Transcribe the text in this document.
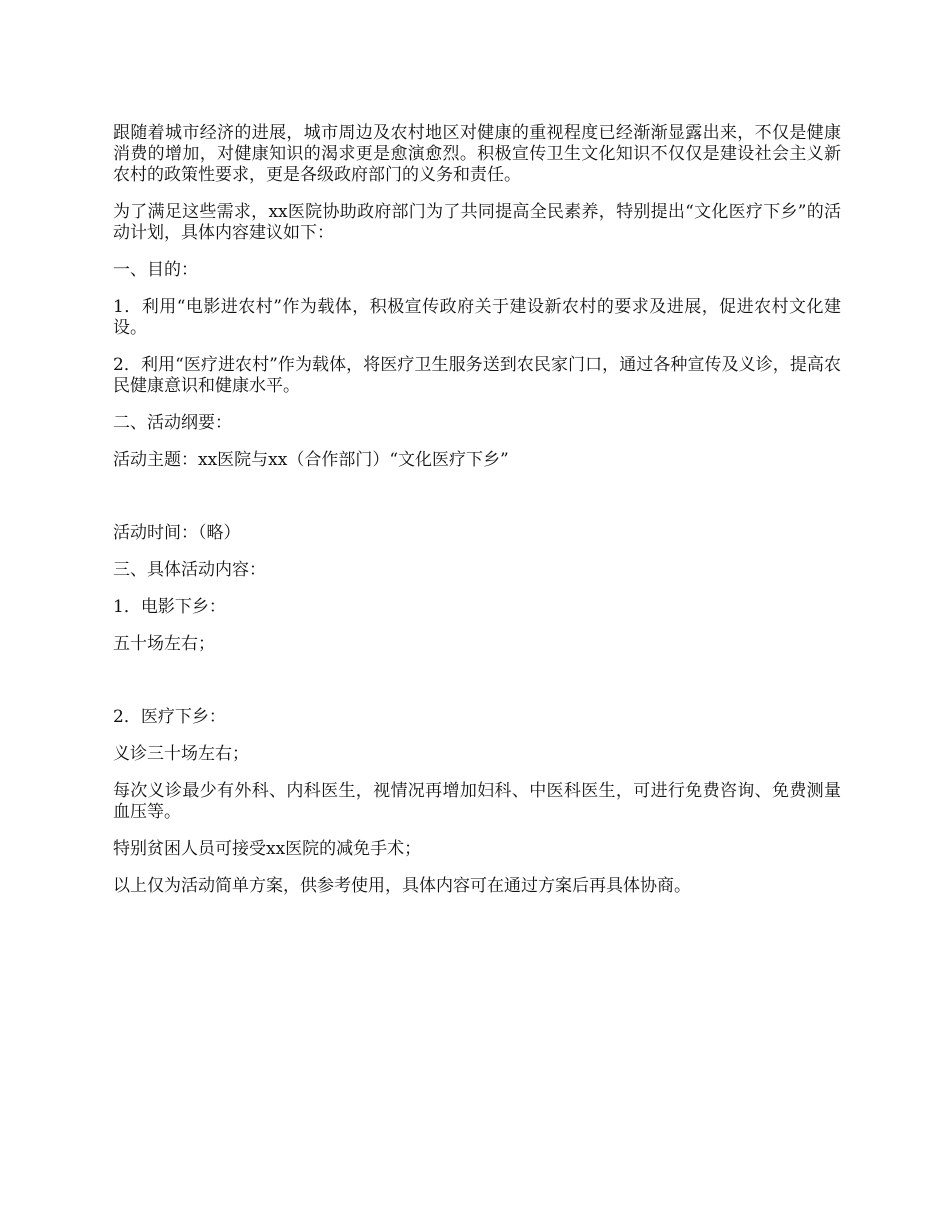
跟随着城市经济的进展，城市周边及农村地区对健康的重视程度已经渐渐显露出来，不仅是健康消费的增加，对健康知识的渴求更是愈演愈烈。积极宣传卫生文化知识不仅仅是建设社会主义新农村的政策性要求，更是各级政府部门的义务和责任。

为了满足这些需求，xx医院协助政府部门为了共同提高全民素养，特别提出“文化医疗下乡”的活动计划，具体内容建议如下：

一、目的：

1．利用“电影进农村”作为载体，积极宣传政府关于建设新农村的要求及进展，促进农村文化建设。

2．利用“医疗进农村”作为载体，将医疗卫生服务送到农民家门口，通过各种宣传及义诊，提高农民健康意识和健康水平。

二、活动纲要：

活动主题：xx医院与xx（合作部门）“文化医疗下乡”

活动时间：（略）

三、具体活动内容：

1．电影下乡：

五十场左右；

2．医疗下乡：

义诊三十场左右；

每次义诊最少有外科、内科医生，视情况再增加妇科、中医科医生，可进行免费咨询、免费测量血压等。

特别贫困人员可接受xx医院的减免手术；

以上仅为活动简单方案，供参考使用，具体内容可在通过方案后再具体协商。
